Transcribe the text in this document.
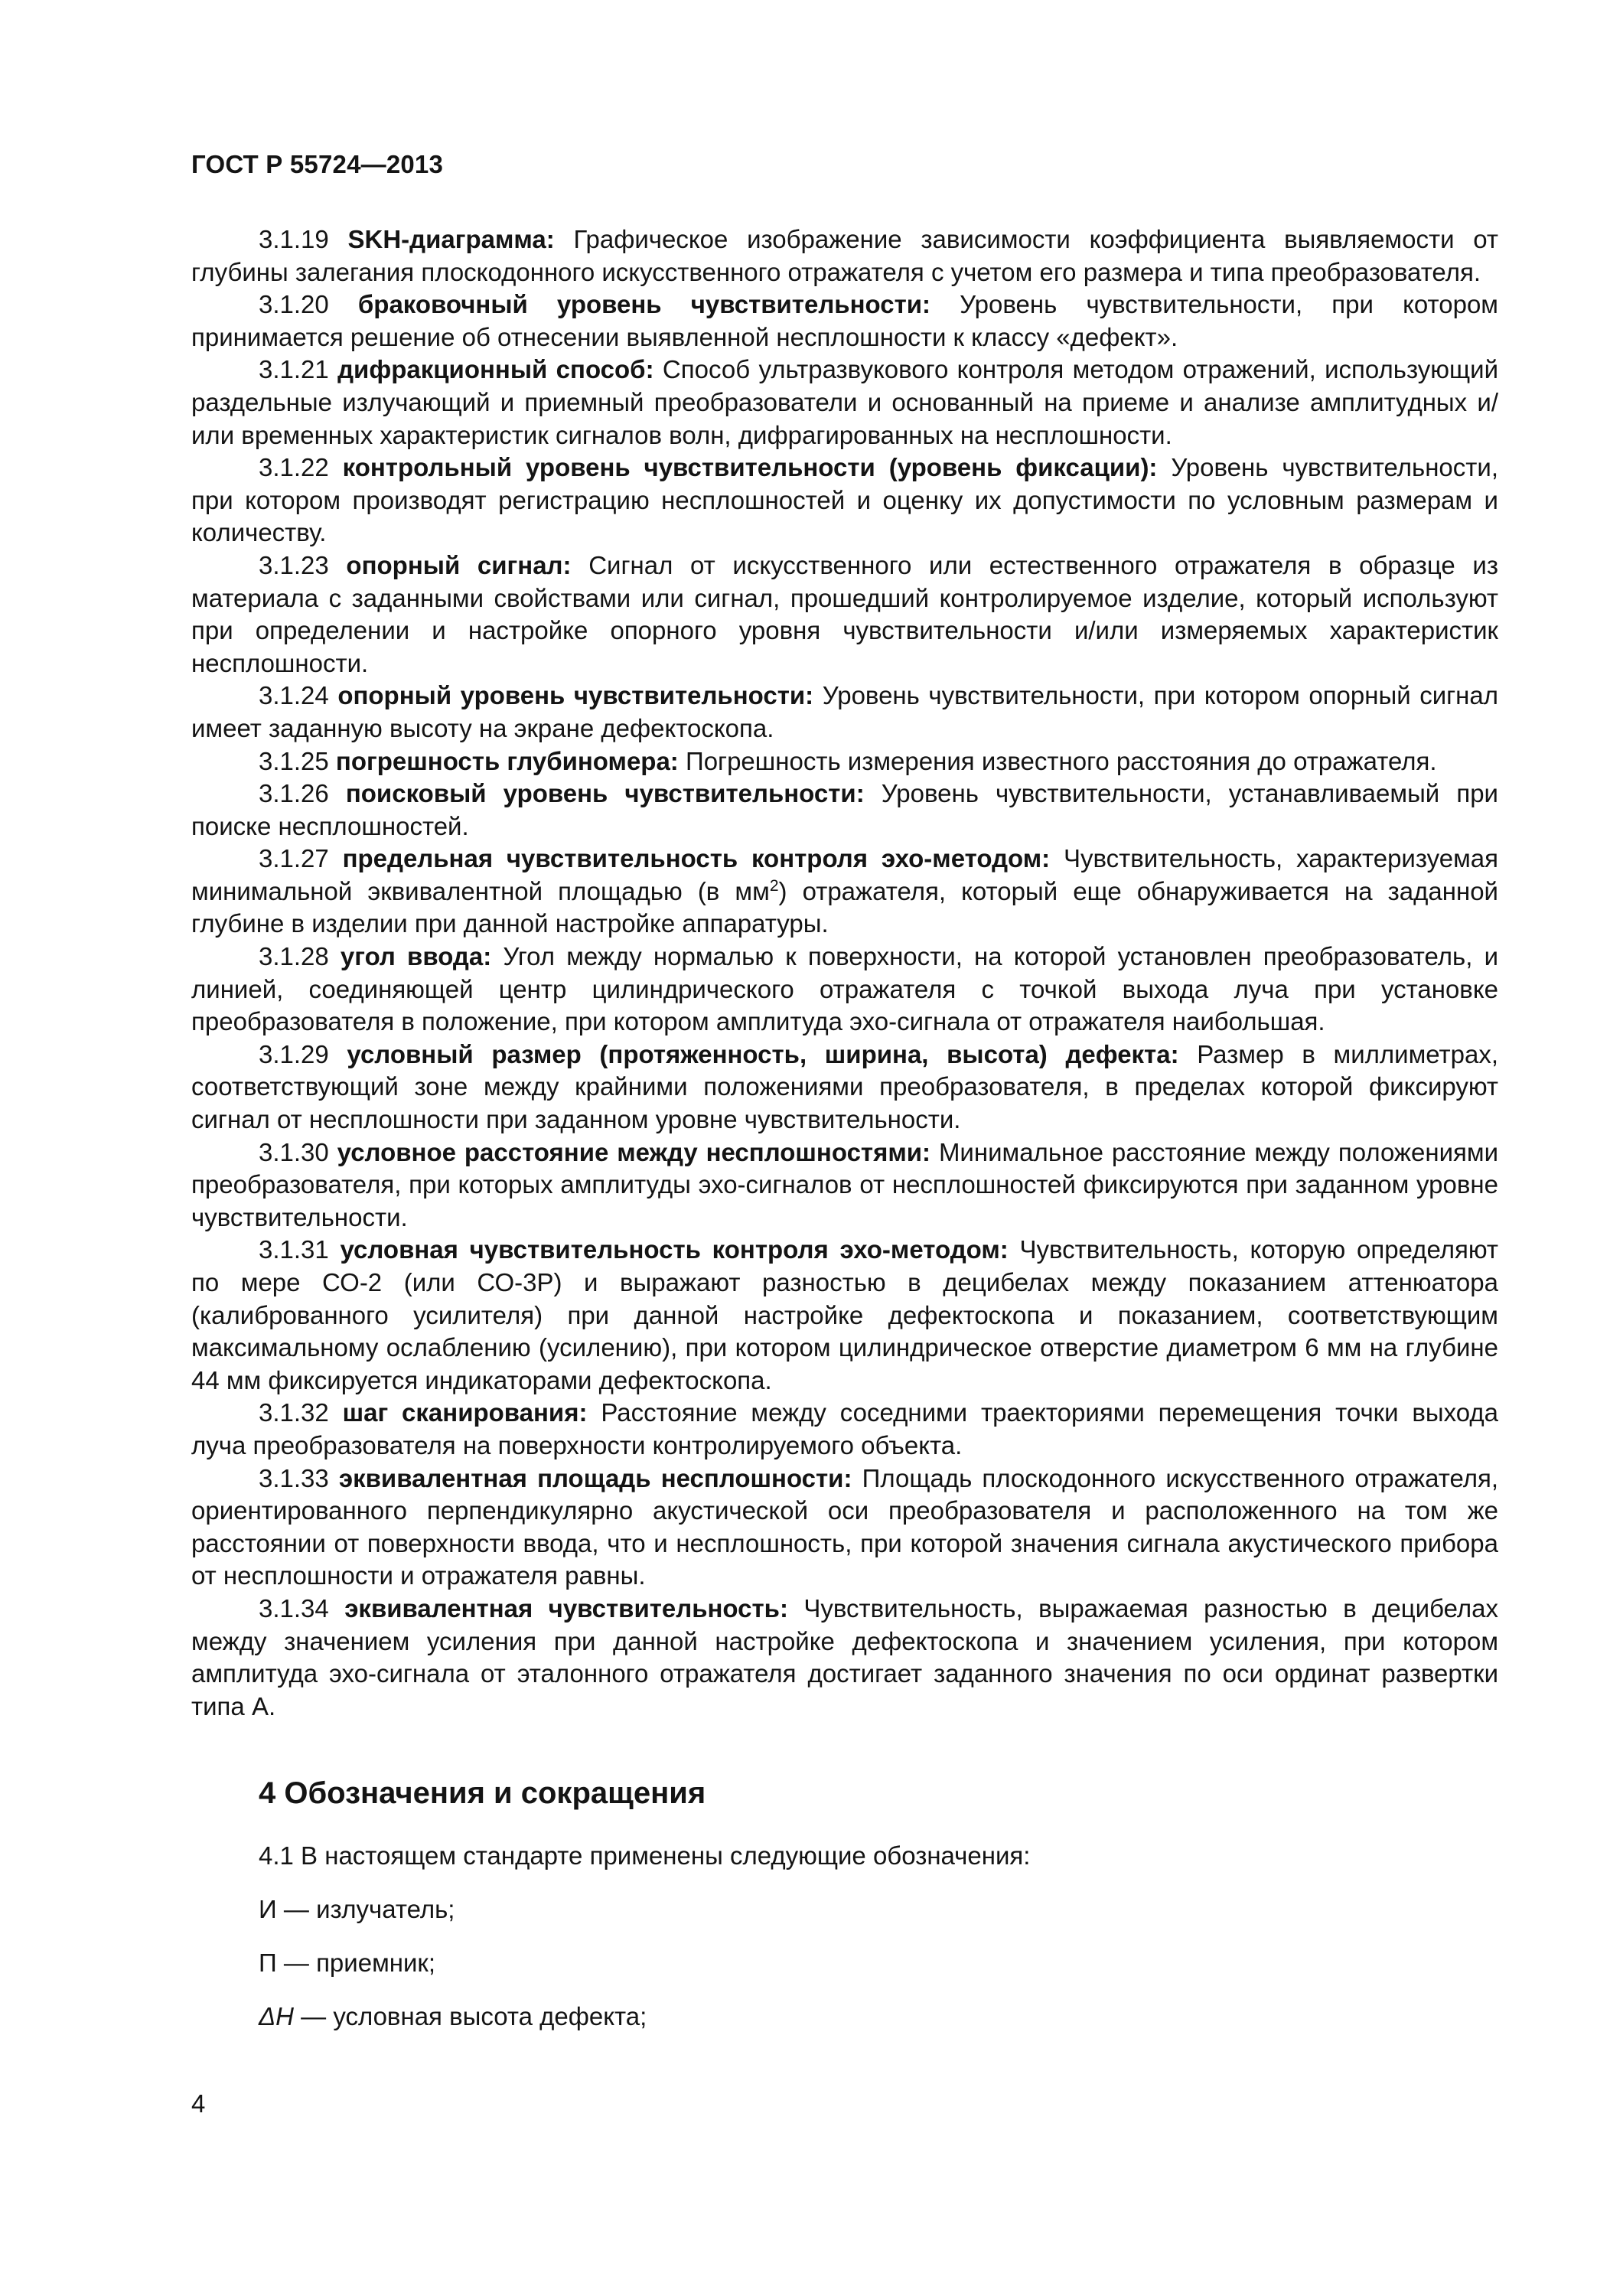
ГОСТ Р 55724—2013

3.1.19 SKH-диаграмма: Графическое изображение зависимости коэффициента выявляемости от глубины залегания плоскодонного искусственного отражателя с учетом его размера и типа преобразователя.

3.1.20 браковочный уровень чувствительности: Уровень чувствительности, при котором принимается решение об отнесении выявленной несплошности к классу «дефект».

3.1.21 дифракционный способ: Способ ультразвукового контроля методом отражений, использующий раздельные излучающий и приемный преобразователи и основанный на приеме и анализе амплитудных и/или временных характеристик сигналов волн, дифрагированных на несплошности.

3.1.22 контрольный уровень чувствительности (уровень фиксации): Уровень чувствительности, при котором производят регистрацию несплошностей и оценку их допустимости по условным размерам и количеству.

3.1.23 опорный сигнал: Сигнал от искусственного или естественного отражателя в образце из материала с заданными свойствами или сигнал, прошедший контролируемое изделие, который используют при определении и настройке опорного уровня чувствительности и/или измеряемых характеристик несплошности.

3.1.24 опорный уровень чувствительности: Уровень чувствительности, при котором опорный сигнал имеет заданную высоту на экране дефектоскопа.

3.1.25 погрешность глубиномера: Погрешность измерения известного расстояния до отражателя.

3.1.26 поисковый уровень чувствительности: Уровень чувствительности, устанавливаемый при поиске несплошностей.

3.1.27 предельная чувствительность контроля эхо-методом: Чувствительность, характеризуемая минимальной эквивалентной площадью (в $мм^2$) отражателя, который еще обнаруживается на заданной глубине в изделии при данной настройке аппаратуры.

3.1.28 угол ввода: Угол между нормалью к поверхности, на которой установлен преобразователь, и линией, соединяющей центр цилиндрического отражателя с точкой выхода луча при установке преобразователя в положение, при котором амплитуда эхо-сигнала от отражателя наибольшая.

3.1.29 условный размер (протяженность, ширина, высота) дефекта: Размер в миллиметрах, соответствующий зоне между крайними положениями преобразователя, в пределах которой фиксируют сигнал от несплошности при заданном уровне чувствительности.

3.1.30 условное расстояние между несплошностями: Минимальное расстояние между положениями преобразователя, при которых амплитуды эхо-сигналов от несплошностей фиксируются при заданном уровне чувствительности.

3.1.31 условная чувствительность контроля эхо-методом: Чувствительность, которую определяют по мере СО-2 (или СО-3Р) и выражают разностью в децибелах между показанием аттенюатора (калиброванного усилителя) при данной настройке дефектоскопа и показанием, соответствующим максимальному ослаблению (усилению), при котором цилиндрическое отверстие диаметром 6 мм на глубине 44 мм фиксируется индикаторами дефектоскопа.

3.1.32 шаг сканирования: Расстояние между соседними траекториями перемещения точки выхода луча преобразователя на поверхности контролируемого объекта.

3.1.33 эквивалентная площадь несплошности: Площадь плоскодонного искусственного отражателя, ориентированного перпендикулярно акустической оси преобразователя и расположенного на том же расстоянии от поверхности ввода, что и несплошность, при которой значения сигнала акустического прибора от несплошности и отражателя равны.

3.1.34 эквивалентная чувствительность: Чувствительность, выражаемая разностью в децибелах между значением усиления при данной настройке дефектоскопа и значением усиления, при котором амплитуда эхо-сигнала от эталонного отражателя достигает заданного значения по оси ординат развертки типа А.

4 Обозначения и сокращения
4.1 В настоящем стандарте применены следующие обозначения:
И — излучатель;
П — приемник;
ΔH — условная высота дефекта;
4
